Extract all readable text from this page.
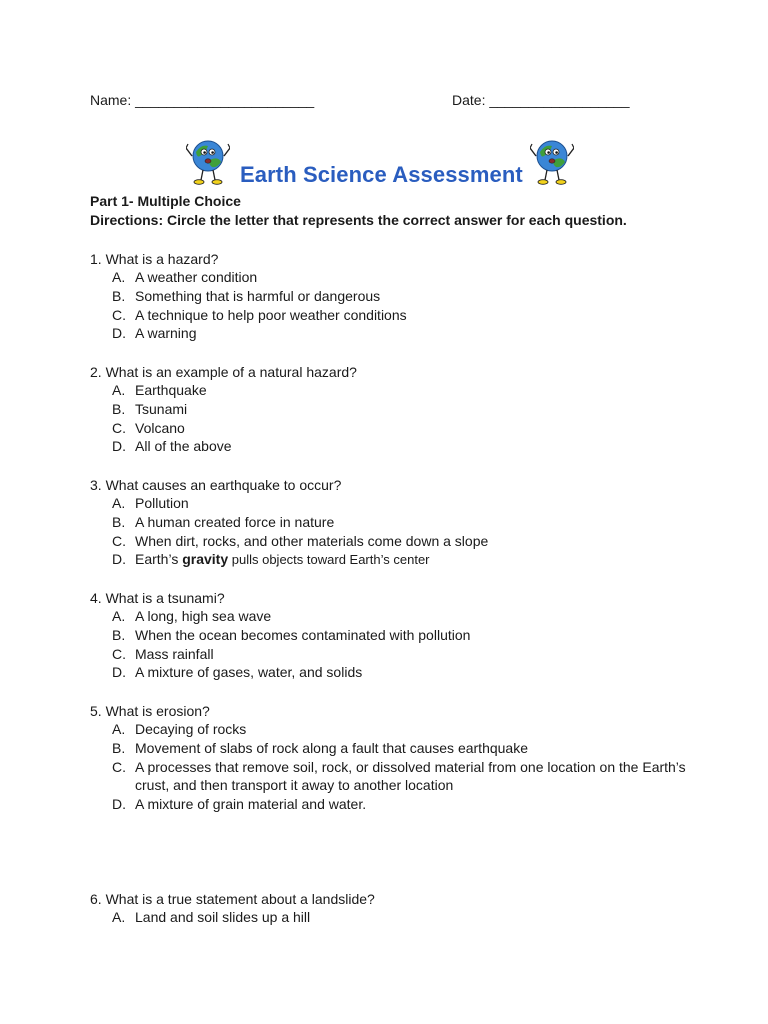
Name: _______________________	Date: __________________
Earth Science Assessment
Part 1- Multiple Choice
Directions: Circle the letter that represents the correct answer for each question.
1. What is a hazard?
A. A weather condition
B. Something that is harmful or dangerous
C. A technique to help poor weather conditions
D. A warning
2. What is an example of a natural hazard?
A. Earthquake
B. Tsunami
C. Volcano
D. All of the above
3. What causes an earthquake to occur?
A. Pollution
B. A human created force in nature
C. When dirt, rocks, and other materials come down a slope
D. Earth’s gravity pulls objects toward Earth’s center
4. What is a tsunami?
A. A long, high sea wave
B. When the ocean becomes contaminated with pollution
C. Mass rainfall
D. A mixture of gases, water, and solids
5. What is erosion?
A. Decaying of rocks
B. Movement of slabs of rock along a fault that causes earthquake
C. A processes that remove soil, rock, or dissolved material from one location on the Earth’s crust, and then transport it away to another location
D. A mixture of grain material and water.
6. What is a true statement about a landslide?
A. Land and soil slides up a hill
